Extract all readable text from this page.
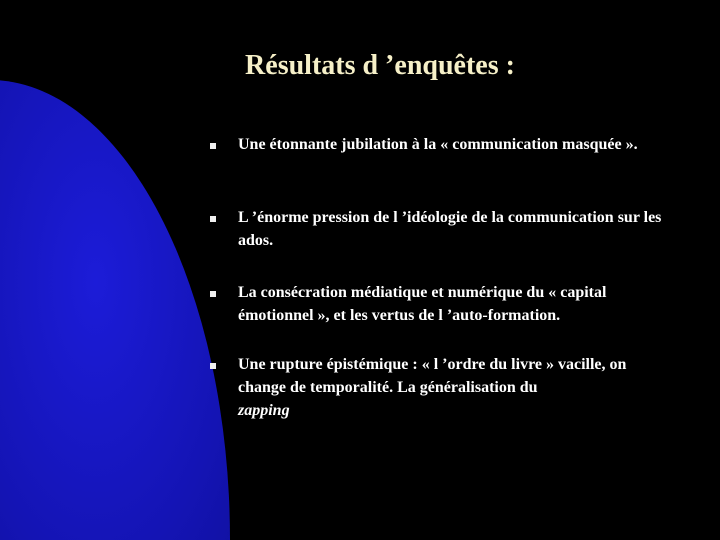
Résultats d ’enquêtes :
Une étonnante jubilation à la « communication masquée ».
L ’énorme pression de l ’idéologie de la communication sur les ados.
La consécration médiatique et numérique du « capital émotionnel », et les vertus de l ’auto-formation.
Une rupture épistémique : « l ’ordre du livre » vacille, on change de temporalité. La généralisation du
zapping
